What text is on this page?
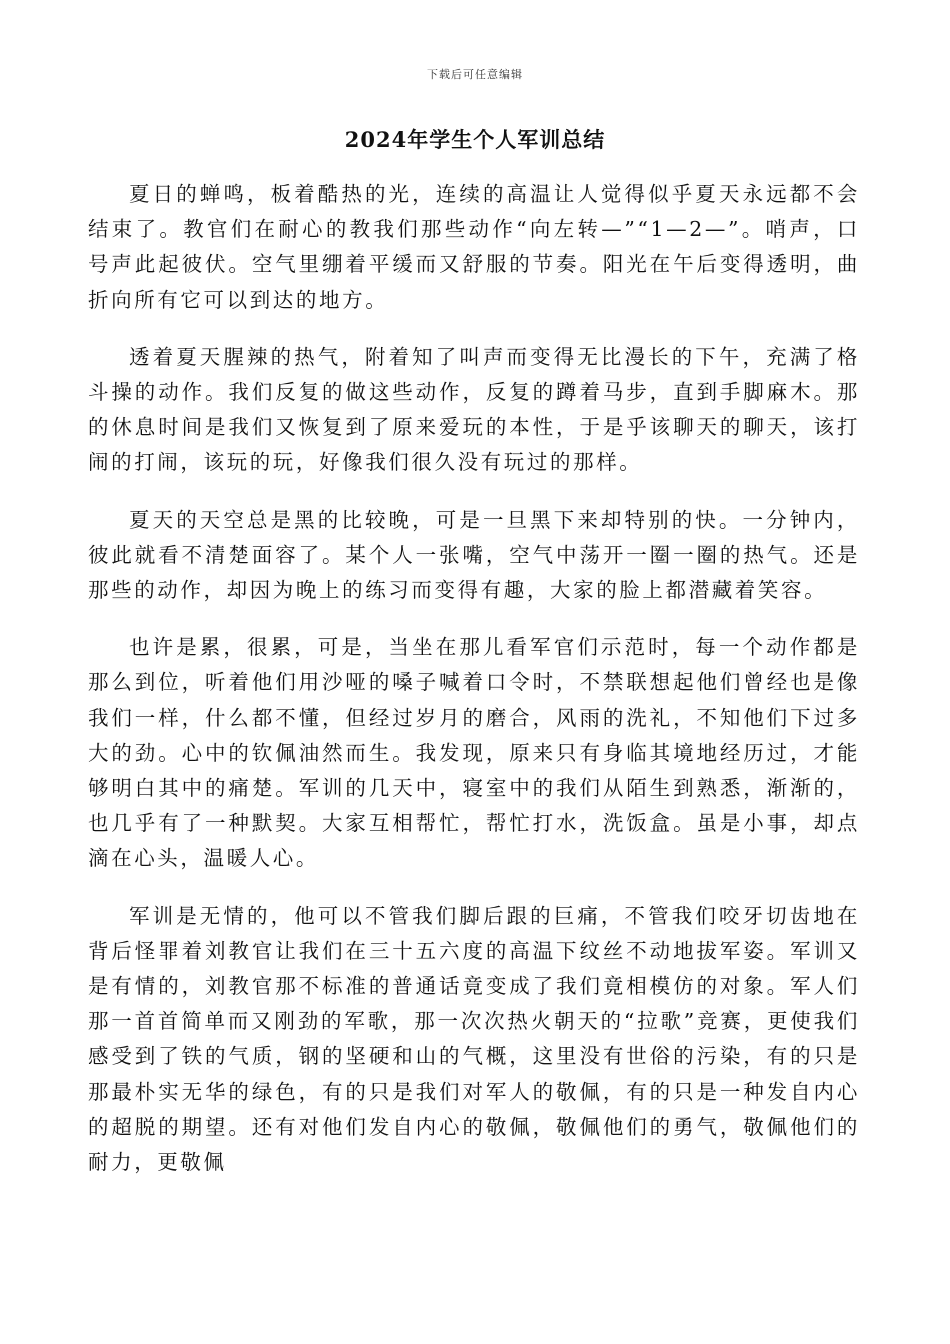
下载后可任意编辑
2024年学生个人军训总结

夏日的蝉鸣，板着酷热的光，连续的高温让人觉得似乎夏天永远都不会结束了。教官们在耐心的教我们那些动作“向左转—”“1—2—”。哨声，口号声此起彼伏。空气里绷着平缓而又舒服的节奏。阳光在午后变得透明，曲折向所有它可以到达的地方。

透着夏天腥辣的热气，附着知了叫声而变得无比漫长的下午，充满了格斗操的动作。我们反复的做这些动作，反复的蹲着马步，直到手脚麻木。那的休息时间是我们又恢复到了原来爱玩的本性，于是乎该聊天的聊天，该打闹的打闹，该玩的玩，好像我们很久没有玩过的那样。

夏天的天空总是黑的比较晚，可是一旦黑下来却特别的快。一分钟内，彼此就看不清楚面容了。某个人一张嘴，空气中荡开一圈一圈的热气。还是那些的动作，却因为晚上的练习而变得有趣，大家的脸上都潜藏着笑容。

也许是累，很累，可是，当坐在那儿看军官们示范时，每一个动作都是那么到位，听着他们用沙哑的嗓子喊着口令时，不禁联想起他们曾经也是像我们一样，什么都不懂，但经过岁月的磨合，风雨的洗礼，不知他们下过多大的劲。心中的钦佩油然而生。我发现，原来只有身临其境地经历过，才能够明白其中的痛楚。军训的几天中，寝室中的我们从陌生到熟悉，渐渐的，也几乎有了一种默契。大家互相帮忙，帮忙打水，洗饭盒。虽是小事，却点滴在心头，温暖人心。

军训是无情的，他可以不管我们脚后跟的巨痛，不管我们咬牙切齿地在背后怪罪着刘教官让我们在三十五六度的高温下纹丝不动地拔军姿。军训又是有情的，刘教官那不标准的普通话竟变成了我们竟相模仿的对象。军人们那一首首简单而又刚劲的军歌，那一次次热火朝天的“拉歌”竞赛，更使我们感受到了铁的气质，钢的坚硬和山的气概，这里没有世俗的污染，有的只是那最朴实无华的绿色，有的只是我们对军人的敬佩，有的只是一种发自内心的超脱的期望。还有对他们发自内心的敬佩，敬佩他们的勇气，敬佩他们的耐力，更敬佩
